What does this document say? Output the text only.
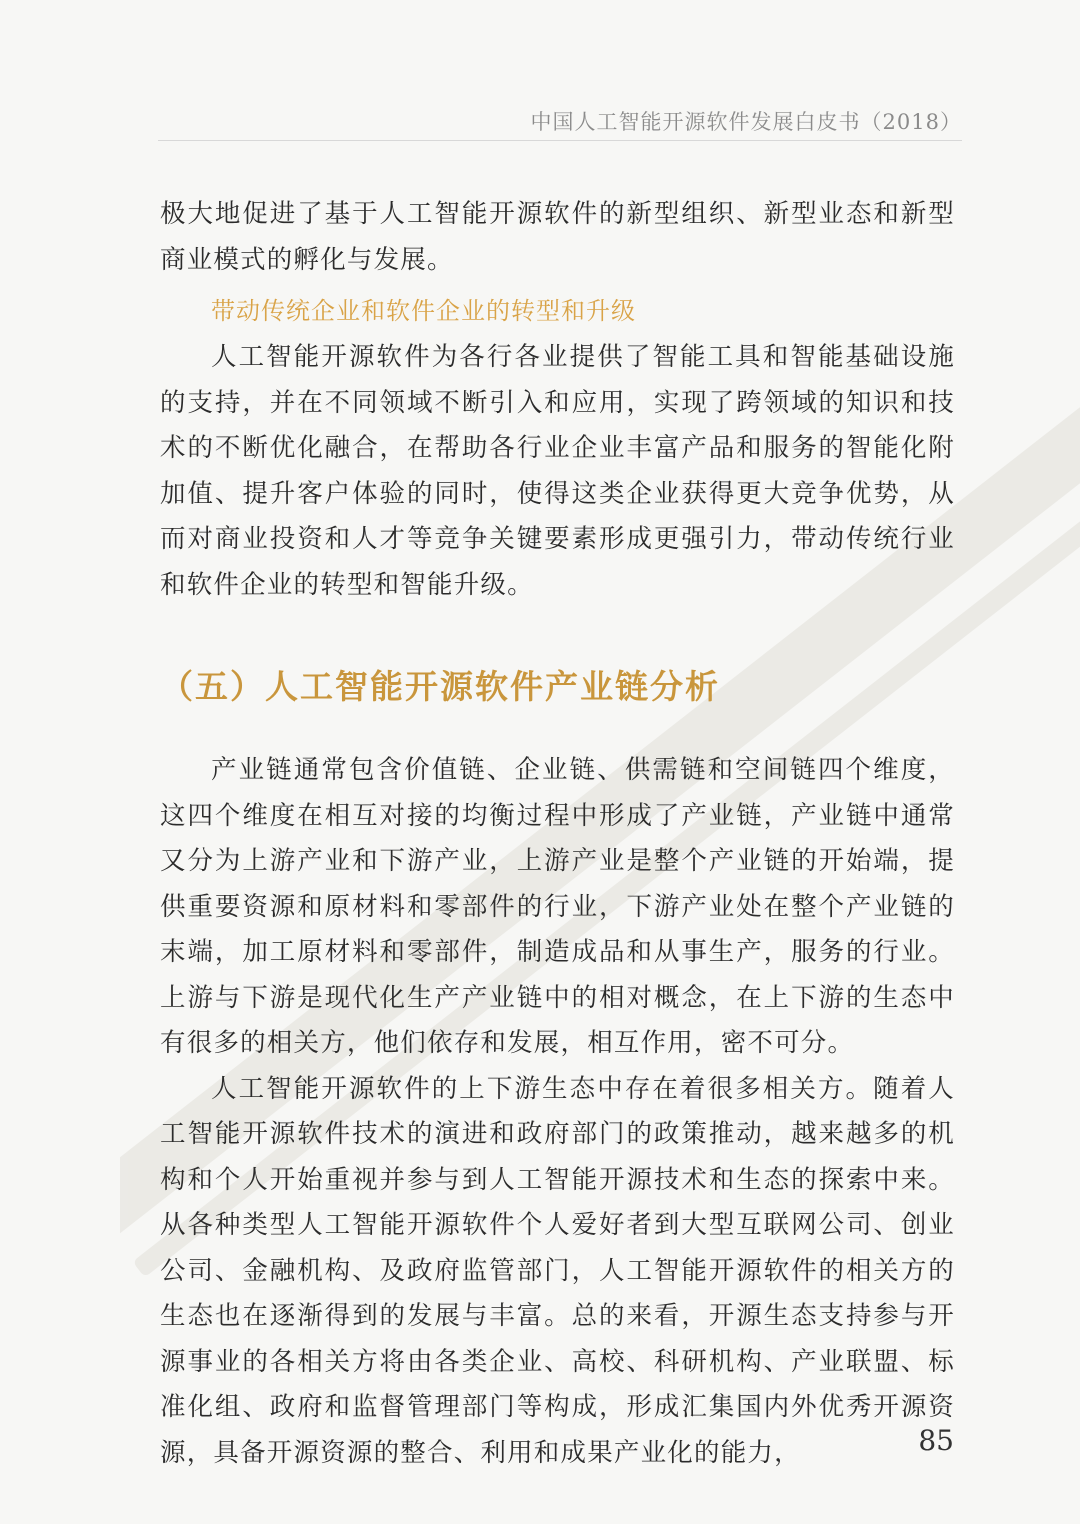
中国人工智能开源软件发展白皮书（2018）

极大地促进了基于人工智能开源软件的新型组织、新型业态和新型商业模式的孵化与发展。

带动传统企业和软件企业的转型和升级

人工智能开源软件为各行各业提供了智能工具和智能基础设施的支持，并在不同领域不断引入和应用，实现了跨领域的知识和技术的不断优化融合，在帮助各行业企业丰富产品和服务的智能化附加值、提升客户体验的同时，使得这类企业获得更大竞争优势，从而对商业投资和人才等竞争关键要素形成更强引力，带动传统行业和软件企业的转型和智能升级。

（五）人工智能开源软件产业链分析

产业链通常包含价值链、企业链、供需链和空间链四个维度，这四个维度在相互对接的均衡过程中形成了产业链，产业链中通常又分为上游产业和下游产业，上游产业是整个产业链的开始端，提供重要资源和原材料和零部件的行业，下游产业处在整个产业链的末端，加工原材料和零部件，制造成品和从事生产，服务的行业。上游与下游是现代化生产产业链中的相对概念，在上下游的生态中有很多的相关方，他们依存和发展，相互作用，密不可分。

人工智能开源软件的上下游生态中存在着很多相关方。随着人工智能开源软件技术的演进和政府部门的政策推动，越来越多的机构和个人开始重视并参与到人工智能开源技术和生态的探索中来。从各种类型人工智能开源软件个人爱好者到大型互联网公司、创业公司、金融机构、及政府监管部门，人工智能开源软件的相关方的生态也在逐渐得到的发展与丰富。总的来看，开源生态支持参与开源事业的各相关方将由各类企业、高校、科研机构、产业联盟、标准化组、政府和监督管理部门等构成，形成汇集国内外优秀开源资源，具备开源资源的整合、利用和成果产业化的能力，	85
